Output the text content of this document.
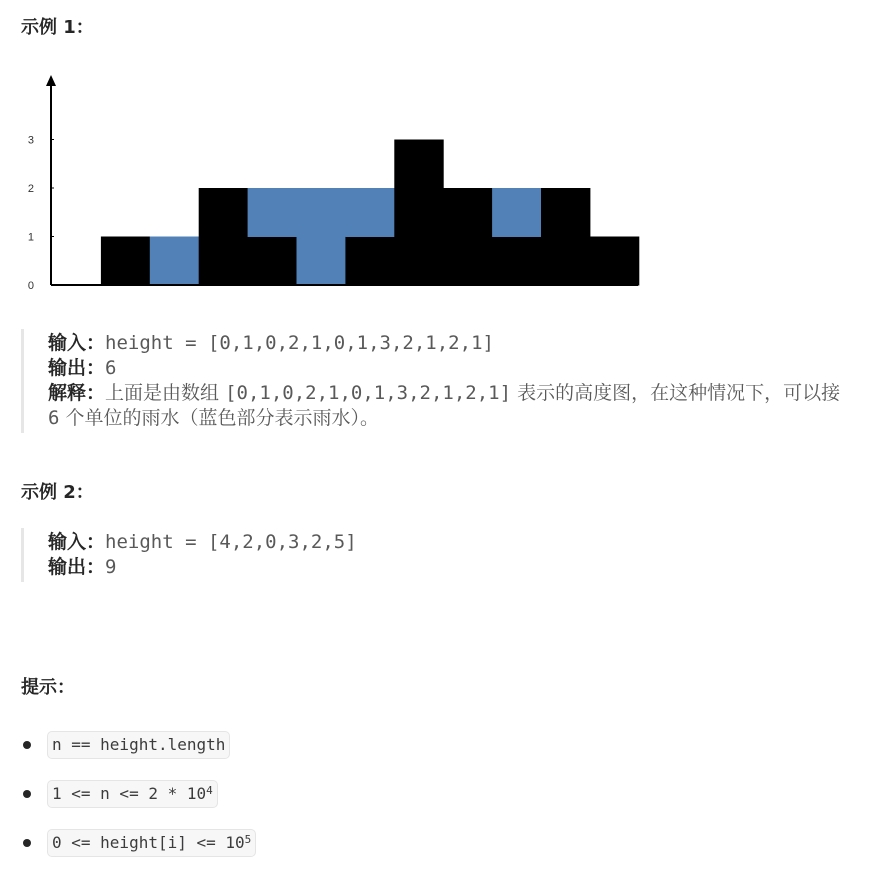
示例 1：
0
1
2
3
输入：height = [0,1,0,2,1,0,1,3,2,1,2,1]
输出：6
解释：上面是由数组 [0,1,0,2,1,0,1,3,2,1,2,1] 表示的高度图，在这种情况下，可以接 6 个单位的雨水（蓝色部分表示雨水）。
示例 2：
输入：height = [4,2,0,3,2,5]
输出：9
提示：
n == height.length
$1 <= n <= 2 * 10^4$
0 <= height[i] <= $10^5$
